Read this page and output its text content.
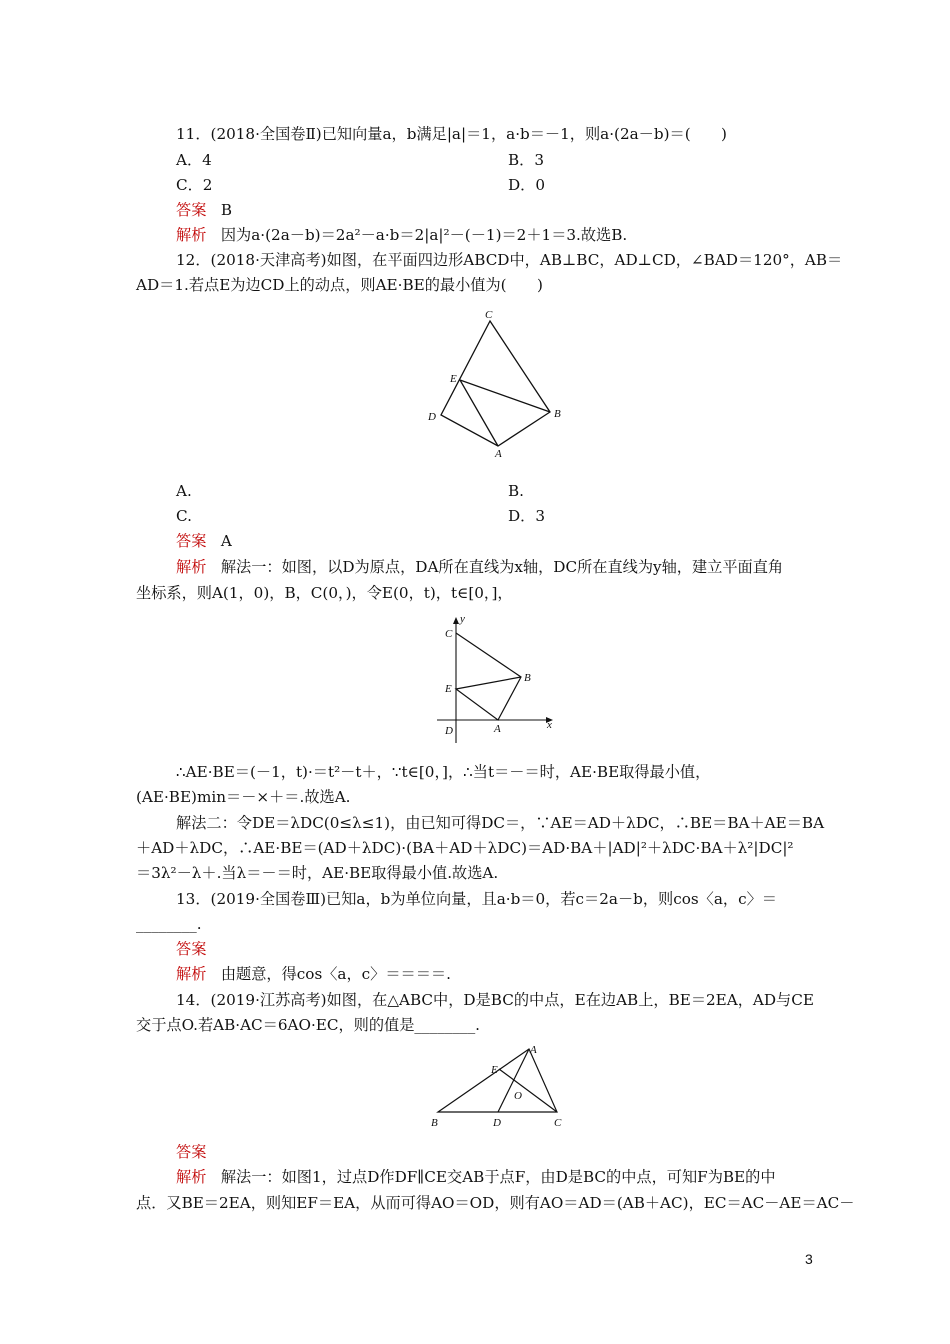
11．(2018·全国卷Ⅱ)已知向量a，b满足|a|＝1，a·b＝－1，则a·(2a－b)＝(　　)
A．4	B．3
C．2	D．0
答案 B
解析 因为a·(2a－b)＝2a²－a·b＝2|a|²－(－1)＝2＋1＝3.故选B.
12．(2018·天津高考)如图，在平面四边形ABCD中，AB⊥BC，AD⊥CD，∠BAD＝120°，AB＝
AD＝1.若点E为边CD上的动点，则AE·BE的最小值为(　　)
C
E
D	B
A
A.	B.
C.	D．3
答案 A
解析 解法一：如图，以D为原点，DA所在直线为x轴，DC所在直线为y轴，建立平面直角
坐标系，则A(1，0)，B，C(0，)，令E(0，t)，t∈[0，]，
y
C
B
E
D	A	x
∴AE·BE＝(－1，t)·＝t²－t＋，∵t∈[0，]，∴当t＝－＝时，AE·BE取得最小值，
(AE·BE)min＝－×＋＝.故选A.
解法二：令DE＝λDC(0≤λ≤1)，由已知可得DC＝，∵AE＝AD＋λDC，∴BE＝BA＋AE＝BA
＋AD＋λDC，∴AE·BE＝(AD＋λDC)·(BA＋AD＋λDC)＝AD·BA＋|AD|²＋λDC·BA＋λ²|DC|²
＝3λ²－λ＋.当λ＝－＝时，AE·BE取得最小值.故选A.
13．(2019·全国卷Ⅲ)已知a，b为单位向量，且a·b＝0，若c＝2a－b，则cos〈a，c〉＝
________.
答案
解析 由题意，得cos〈a，c〉＝＝＝＝.
14．(2019·江苏高考)如图，在△ABC中，D是BC的中点，E在边AB上，BE＝2EA，AD与CE
交于点O.若AB·AC＝6AO·EC，则的值是________.
A
E
O
B	D	C
答案
解析 解法一：如图1，过点D作DF∥CE交AB于点F，由D是BC的中点，可知F为BE的中
点．又BE＝2EA，则知EF＝EA，从而可得AO＝OD，则有AO＝AD＝(AB＋AC)，EC＝AC－AE＝AC－
3
